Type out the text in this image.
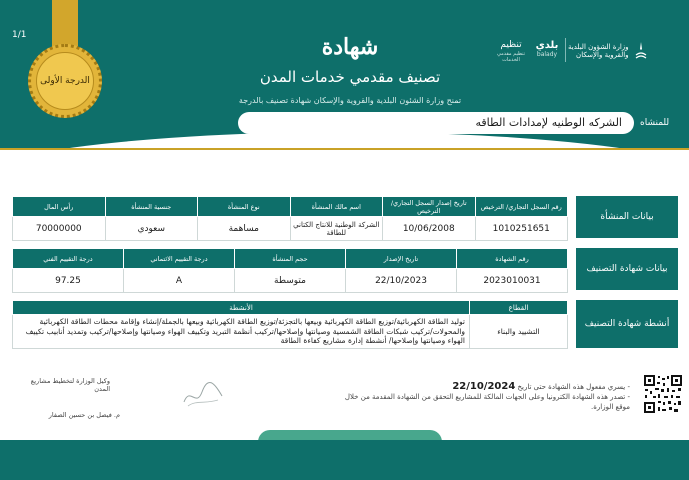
الدرجة الأولى
1/1	شهادة
تصنيف مقدمي خدمات المدن
تمنح وزارة الشئون البلدية والقروية والإسكان شهادة تصنيف بالدرجة
وزارة الشؤون البلدية
والقروية والإسكان
بلدي
balady
تنظيم
تنظيم مقدمي الخدمات
للمنشاه
الشركه الوطنيه لإمدادات الطاقه
بيانات المنشأة
رقم السجل التجاري/ الترخيص	تاريخ إصدار السجل التجاري/ الترخيص	اسم مالك المنشأة	نوع المنشأة	جنسية المنشأة	رأس المال
1010251651	10/06/2008	الشركة الوطنية للانتاج الكتاني للطاقة	مساهمة	سعودي	70000000
بيانات شهادة التصنيف
رقم الشهادة	تاريخ الإصدار	حجم المنشأة	درجة التقييم الائتماني	درجة التقييم الفني
2023010031	22/10/2023	متوسطة	A	97.25
أنشطة شهادة التصنيف
القطاع	الأنشطة
التشييد والبناء	توليد الطاقة الكهربائية/توزيع الطاقة الكهربائية وبيعها بالتجزئة/توزيع الطاقة الكهربائية وبيعها بالجملة/إنشاء وإقامة محطات الطاقة الكهربائية والمحولات/تركيب شبكات الطاقة الشمسية وصيانتها وإصلاحها/تركيب أنظمة التبريد وتكييف الهواء وصيانتها وإصلاحها/تركيب وتمديد أنابيب تكييف الهواء وصيانتها وإصلاحها/ أنشطة إدارة مشاريع كفاءة الطاقة
- يسري مفعول هذه الشهادة حتى تاريخ 22/10/2024
- تصدر هذه الشهادة الكترونيا وعلى الجهات المالكة للمشاريع التحقق من الشهادة المقدمة من خلال موقع الوزارة.
وكيل الوزارة لتخطيط مشاريع المدن
م. فيصل بن حسين الصفار
